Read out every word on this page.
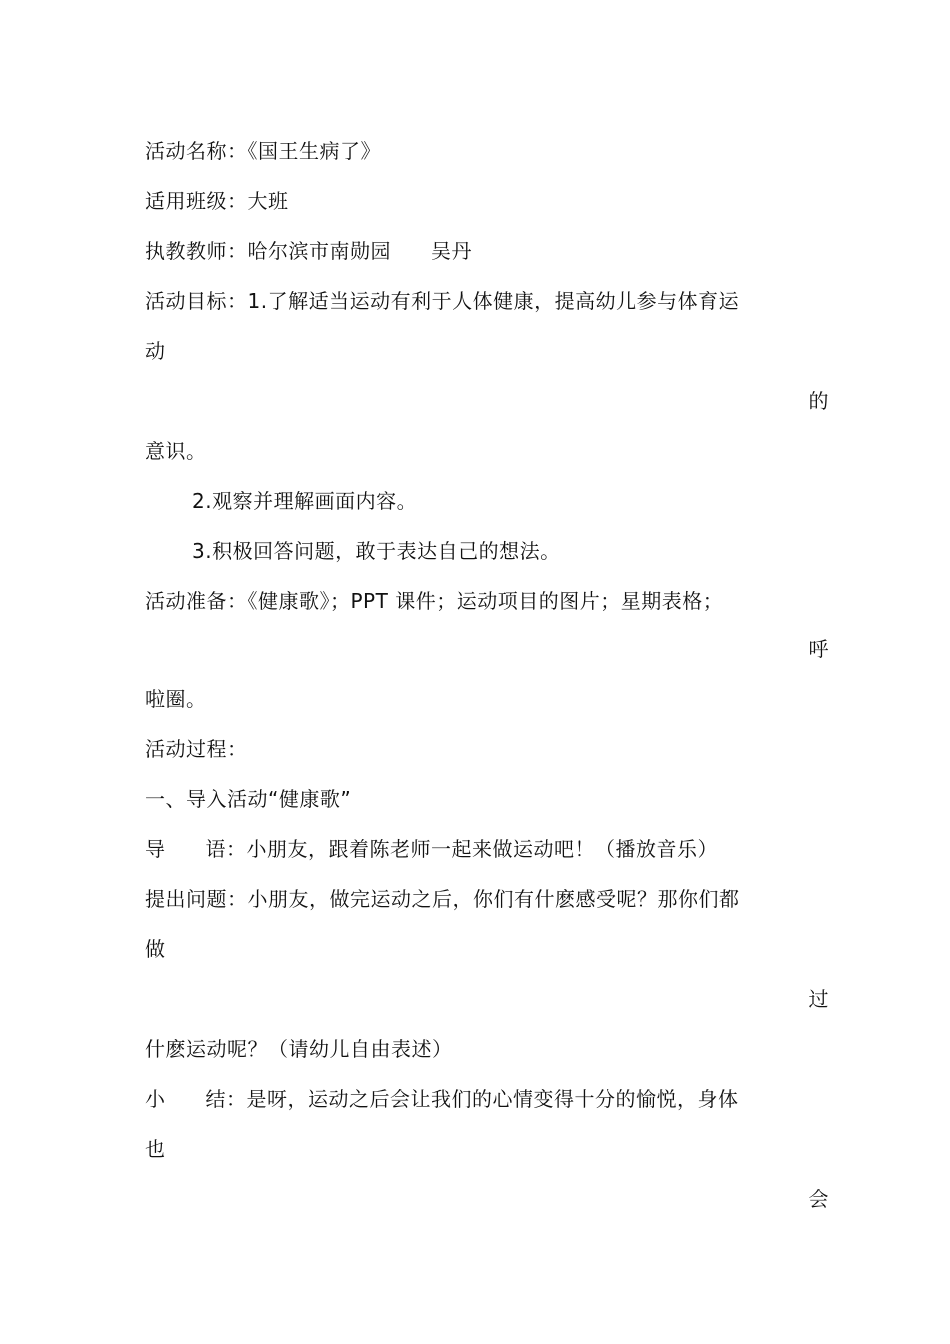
活动名称：《国王生病了》
适用班级：大班
执教教师：哈尔滨市南勋园 吴丹
活动目标：1.了解适当运动有利于人体健康，提高幼儿参与体育运
动
的
意识。
2.观察并理解画面内容。
3.积极回答问题，敢于表达自己的想法。
活动准备：《健康歌》；PPT 课件；运动项目的图片；星期表格；
呼
啦圈。
活动过程：
一、导入活动“健康歌”
导 语：小朋友，跟着陈老师一起来做运动吧！（播放音乐）
提出问题：小朋友，做完运动之后，你们有什麽感受呢？那你们都
做
过
什麽运动呢？（请幼儿自由表述）
小 结：是呀，运动之后会让我们的心情变得十分的愉悦，身体
也
会
